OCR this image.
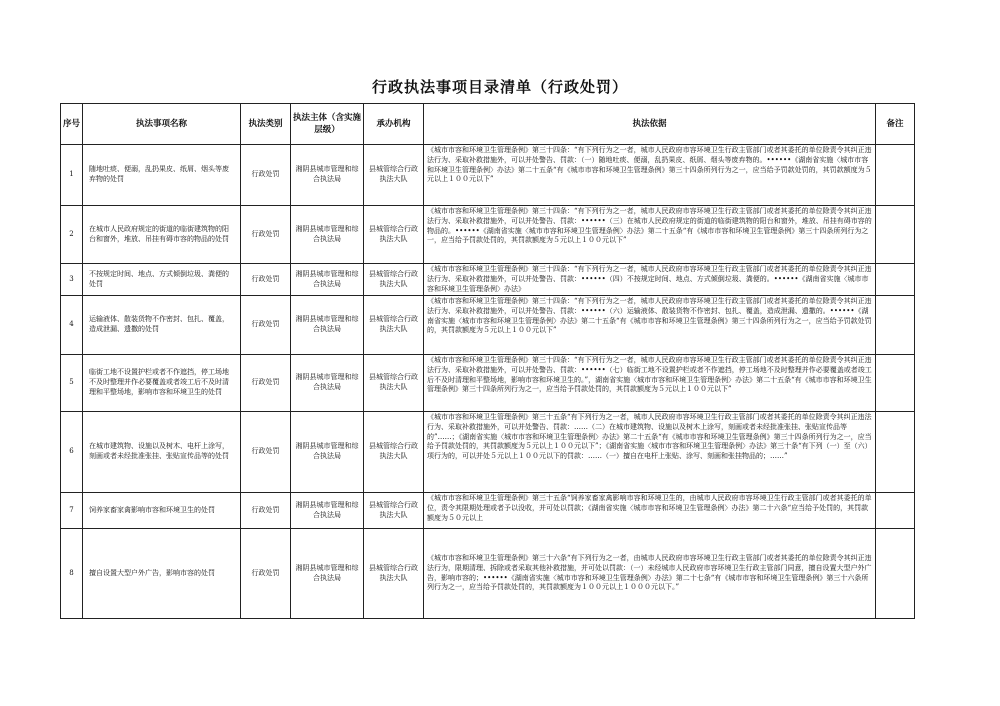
行政执法事项目录清单（行政处罚）
序号	执法事项名称	执法类别	执法主体（含实施层级）	承办机构	执法依据	备注
1	随地吐痰、便溺，乱扔果皮、纸屑、烟头等废弃物的处罚	行政处罚	湘阴县城市管理和综合执法局	县城管综合行政执法大队	《城市市容和环境卫生管理条例》第三十四条：“有下列行为之一者，城市人民政府市容环境卫生行政主管部门或者其委托的单位除责令其纠正违法行为、采取补救措施外，可以并处警告、罚款：（一）随地吐痰、便溺，乱扔果皮、纸屑、烟头等废弃物的。••••••《湖南省实施〈城市市容和环境卫生管理条例〉办法》第二十五条“有《城市市容和环境卫生管理条例》第三十四条所列行为之一，应当给予罚款处罚的，其罚款额度为５元以上１００元以下”	

2	在城市人民政府规定的街道的临街建筑物的阳台和窗外，堆放、吊挂有碍市容的物品的处罚	行政处罚	湘阴县城市管理和综合执法局	县城管综合行政执法大队	《城市市容和环境卫生管理条例》第三十四条：“有下列行为之一者，城市人民政府市容环境卫生行政主管部门或者其委托的单位除责令其纠正违法行为、采取补救措施外，可以并处警告、罚款：••••••（三）在城市人民政府规定的街道的临街建筑物的阳台和窗外，堆放、吊挂有碍市容的物品的。••••••《湖南省实施〈城市市容和环境卫生管理条例〉办法》第二十五条“有《城市市容和环境卫生管理条例》第三十四条所列行为之一，应当给予罚款处罚的，其罚款额度为５元以上１００元以下”	

3	不按规定时间、地点、方式倾倒垃圾、粪便的处罚	行政处罚	湘阴县城市管理和综合执法局	县城管综合行政执法大队	《城市市容和环境卫生管理条例》第三十四条：“有下列行为之一者，城市人民政府市容环境卫生行政主管部门或者其委托的单位除责令其纠正违法行为、采取补救措施外，可以并处警告、罚款：••••••（四）不按规定时间、地点、方式倾倒垃圾、粪便的。••••••《湖南省实施〈城市市容和环境卫生管理条例〉办法》	

4	运输液体、散装货物不作密封、包扎、覆盖，造成泄漏、遗撒的处罚	行政处罚	湘阴县城市管理和综合执法局	县城管综合行政执法大队	《城市市容和环境卫生管理条例》第三十四条：“有下列行为之一者，城市人民政府市容环境卫生行政主管部门或者其委托的单位除责令其纠正违法行为、采取补救措施外，可以并处警告、罚款：••••••（六）运输液体、散装货物不作密封、包扎、覆盖，造成泄漏、遗撒的。••••••《湖南省实施〈城市市容和环境卫生管理条例〉办法》第二十五条“有《城市市容和环境卫生管理条例》第三十四条所列行为之一，应当给予罚款处罚的，其罚款额度为５元以上１００元以下”	

5	临街工地不设置护栏或者不作遮挡，停工场地不及时整理并作必要覆盖或者竣工后不及时清理和平整场地，影响市容和环境卫生的处罚	行政处罚	湘阴县城市管理和综合执法局	县城管综合行政执法大队	《城市市容和环境卫生管理条例》第三十四条：“有下列行为之一者，城市人民政府市容环境卫生行政主管部门或者其委托的单位除责令其纠正违法行为、采取补救措施外，可以并处警告、罚款：••••••（七）临街工地不设置护栏或者不作遮挡，停工场地不及时整理并作必要覆盖或者竣工后不及时清理和平整场地，影响市容和环境卫生的。”，湖南省实施〈城市市容和环境卫生管理条例〉办法》第二十五条“有《城市市容和环境卫生管理条例》第三十四条所列行为之一，应当给予罚款处罚的，其罚款额度为５元以上１００元以下”	

6	在城市建筑物、设施以及树木、电杆上涂写，刻画或者未经批准张挂、张贴宣传品等的处罚	行政处罚	湘阴县城市管理和综合执法局	县城管综合行政执法大队	《城市市容和环境卫生管理条例》第三十五条“有下列行为之一者，城市人民政府市容环境卫生行政主管部门或者其委托的单位除责令其纠正违法行为、采取补救措施外，可以并处警告、罚款：……（二）在城市建筑物、设施以及树木上涂写，刻画或者未经批准张挂、张贴宣传品等的”……；《湖南省实施〈城市市容和环境卫生管理条例〉办法》第二十五条“有《城市市容和环境卫生管理条例》第三十四条所列行为之一，应当给予罚款处罚的，其罚款额度为５元以上１００元以下”；《湖南省实施〈城市市容和环境卫生管理条例〉办法》第三十条“有下列（一）至（六）项行为的，可以并处５元以上１００元以下的罚款：……（一）擅自在电杆上张贴、涂写、刻画和张挂物品的；……”	

7	饲养家畜家禽影响市容和环境卫生的处罚	行政处罚	湘阴县城市管理和综合执法局	县城管综合行政执法大队	《城市市容和环境卫生管理条例》第三十五条“饲养家畜家禽影响市容和环境卫生的，由城市人民政府市容环境卫生行政主管部门或者其委托的单位，责令其限期处理或者予以没收，并可处以罚款；《湖南省实施〈城市市容和环境卫生管理条例〉办法》第二十六条“应当给予处罚的，其罚款额度为５０元以上	

8	擅自设置大型户外广告，影响市容的处罚	行政处罚	湘阴县城市管理和综合执法局	县城管综合行政执法大队	《城市市容和环境卫生管理条例》第三十六条“有下列行为之一者，由城市人民政府市容环境卫生行政主管部门或者其委托的单位除责令其纠正违法行为，限期清理、拆除或者采取其他补救措施，并可处以罚款：（一）未经城市人民政府市容环境卫生行政主管部门同意，擅自设置大型户外广告，影响市容的；••••••《湖南省实施〈城市市容和环境卫生管理条例〉办法》第二十七条“有《城市市容和环境卫生管理条例》第三十六条所列行为之一，应当给予罚款处罚的，其罚款额度为１００元以上１０００元以下。”	
